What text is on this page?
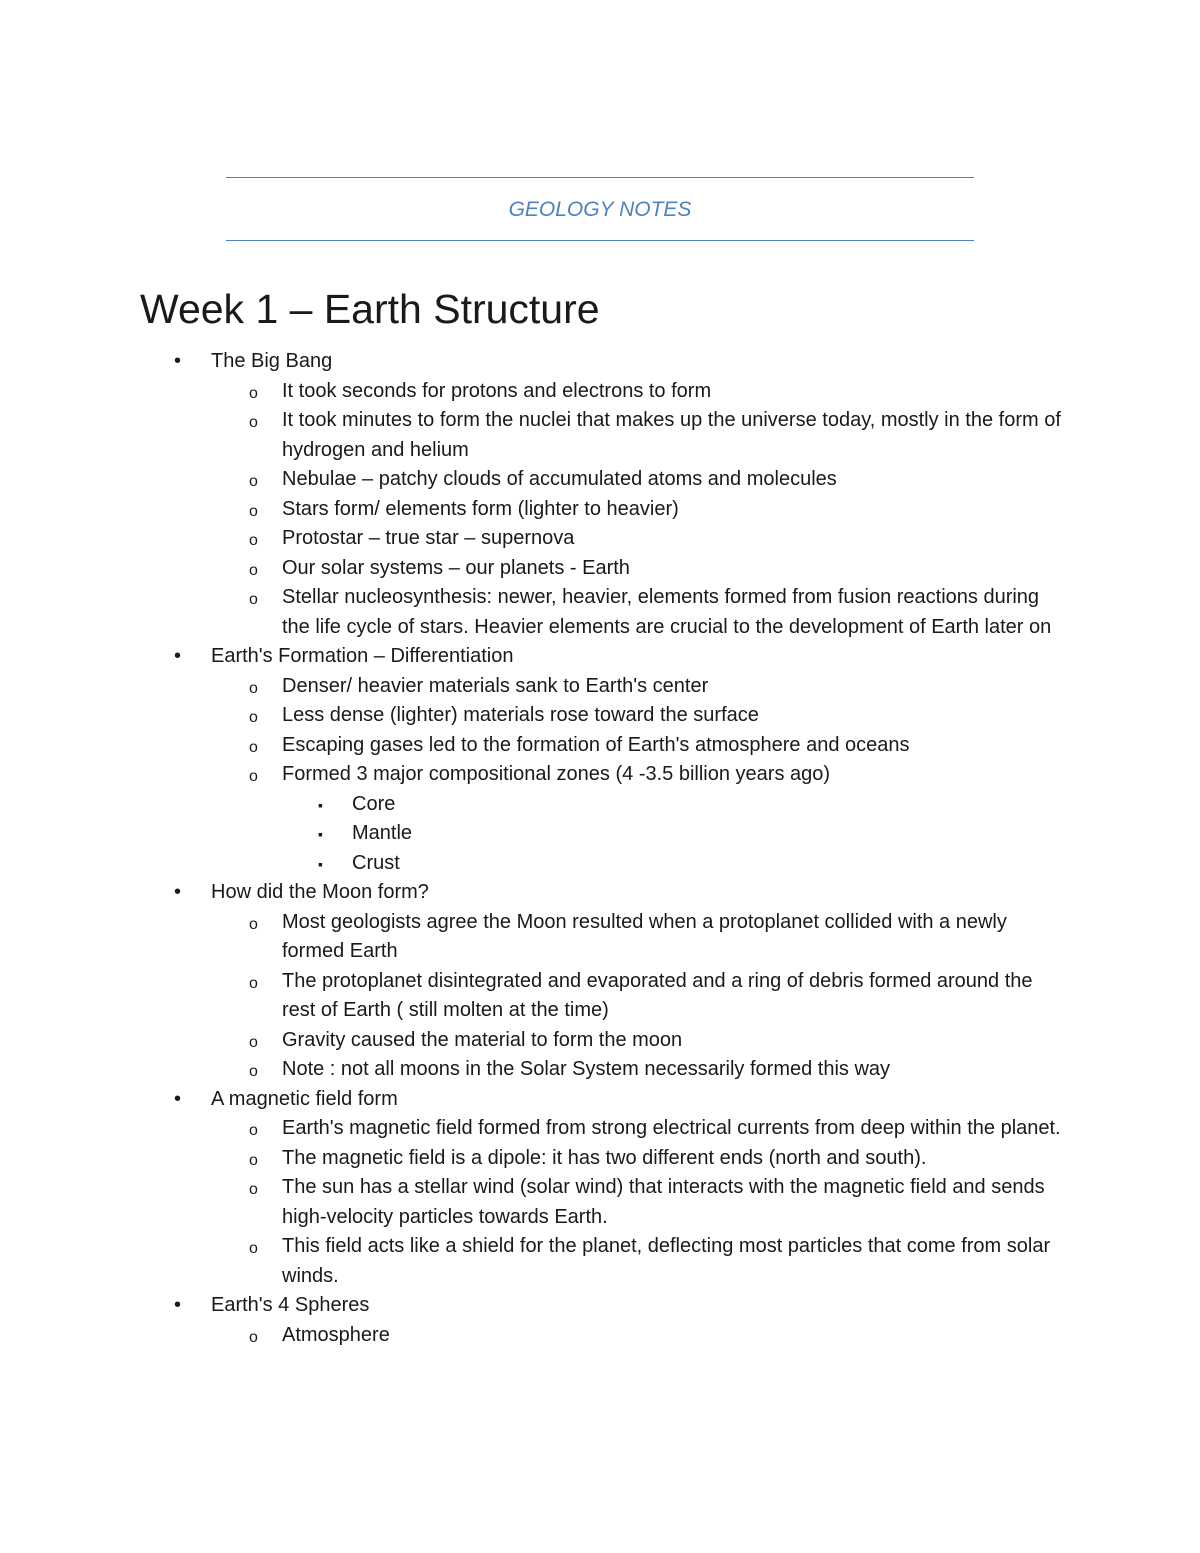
GEOLOGY NOTES
Week 1 – Earth Structure
• The Big Bang
o It took seconds for protons and electrons to form
o It took minutes to form the nuclei that makes up the universe today, mostly in the form of hydrogen and helium
o Nebulae – patchy clouds of accumulated atoms and molecules
o Stars form/ elements form (lighter to heavier)
o Protostar – true star – supernova
o Our solar systems – our planets - Earth
o Stellar nucleosynthesis: newer, heavier, elements formed from fusion reactions during the life cycle of stars. Heavier elements are crucial to the development of Earth later on
• Earth's Formation – Differentiation
o Denser/ heavier materials sank to Earth's center
o Less dense (lighter) materials rose toward the surface
o Escaping gases led to the formation of Earth's atmosphere and oceans
o Formed 3 major compositional zones (4 -3.5 billion years ago)
▪ Core
▪ Mantle
▪ Crust
• How did the Moon form?
o Most geologists agree the Moon resulted when a protoplanet collided with a newly formed Earth
o The protoplanet disintegrated and evaporated and a ring of debris formed around the rest of Earth ( still molten at the time)
o Gravity caused the material to form the moon
o Note : not all moons in the Solar System necessarily formed this way
• A magnetic field form
o Earth's magnetic field formed from strong electrical currents from deep within the planet.
o The magnetic field is a dipole: it has two different ends (north and south).
o The sun has a stellar wind (solar wind) that interacts with the magnetic field and sends high-velocity particles towards Earth.
o This field acts like a shield for the planet, deflecting most particles that come from solar winds.
• Earth's 4 Spheres
o Atmosphere
